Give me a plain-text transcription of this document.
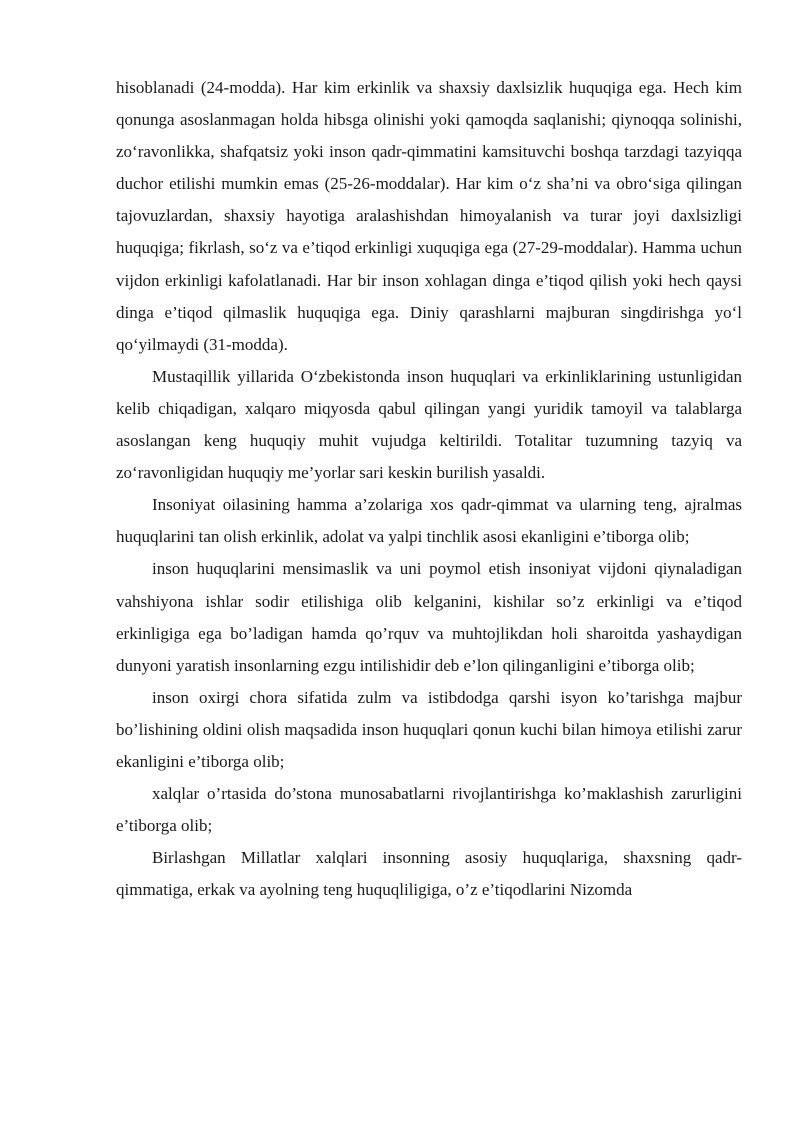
hisoblanadi (24-modda). Har kim erkinlik va shaxsiy daxlsizlik huquqiga ega. Hech kim qonunga asoslanmagan holda hibsga olinishi yoki qamoqda saqlanishi; qiynoqqa solinishi, zo‘ravonlikka, shafqatsiz yoki inson qadr-qimmatini kamsituvchi boshqa tarzdagi tazyiqqa duchor etilishi mumkin emas (25-26-moddalar). Har kim o‘z sha’ni va obro‘siga qilingan tajovuzlardan, shaxsiy hayotiga aralashishdan himoyalanish va turar joyi daxlsizligi huquqiga; fikrlash, so‘z va e’tiqod erkinligi xuquqiga ega (27-29-moddalar). Hamma uchun vijdon erkinligi kafolatlanadi. Har bir inson xohlagan dinga e’tiqod qilish yoki hech qaysi dinga e’tiqod qilmaslik huquqiga ega. Diniy qarashlarni majburan singdirishga yo‘l qo‘yilmaydi (31-modda).

Mustaqillik yillarida O‘zbekistonda inson huquqlari va erkinliklarining ustunligidan kelib chiqadigan, xalqaro miqyosda qabul qilingan yangi yuridik tamoyil va talablarga asoslangan keng huquqiy muhit vujudga keltirildi. Totalitar tuzumning tazyiq va zo‘ravonligidan huquqiy me’yorlar sari keskin burilish yasaldi.

Insoniyat oilasining hamma a’zolariga xos qadr-qimmat va ularning teng, ajralmas huquqlarini tan olish erkinlik, adolat va yalpi tinchlik asosi ekanligini e’tiborga olib;

inson huquqlarini mensimaslik va uni poymol etish insoniyat vijdoni qiynaladigan vahshiyona ishlar sodir etilishiga olib kelganini, kishilar so’z erkinligi va e’tiqod erkinligiga ega bo’ladigan hamda qo’rquv va muhtojlikdan holi sharoitda yashaydigan dunyoni yaratish insonlarning ezgu intilishidir deb e’lon qilinganligini e’tiborga olib;

inson oxirgi chora sifatida zulm va istibdodga qarshi isyon ko’tarishga majbur bo’lishining oldini olish maqsadida inson huquqlari qonun kuchi bilan himoya etilishi zarur ekanligini e’tiborga olib;

xalqlar o’rtasida do’stona munosabatlarni rivojlantirishga ko’maklashish zarurligini e’tiborga olib;

Birlashgan Millatlar xalqlari insonning asosiy huquqlariga, shaxsning qadr-qimmatiga, erkak va ayolning teng huquqliligiga, o’z e’tiqodlarini Nizomda
